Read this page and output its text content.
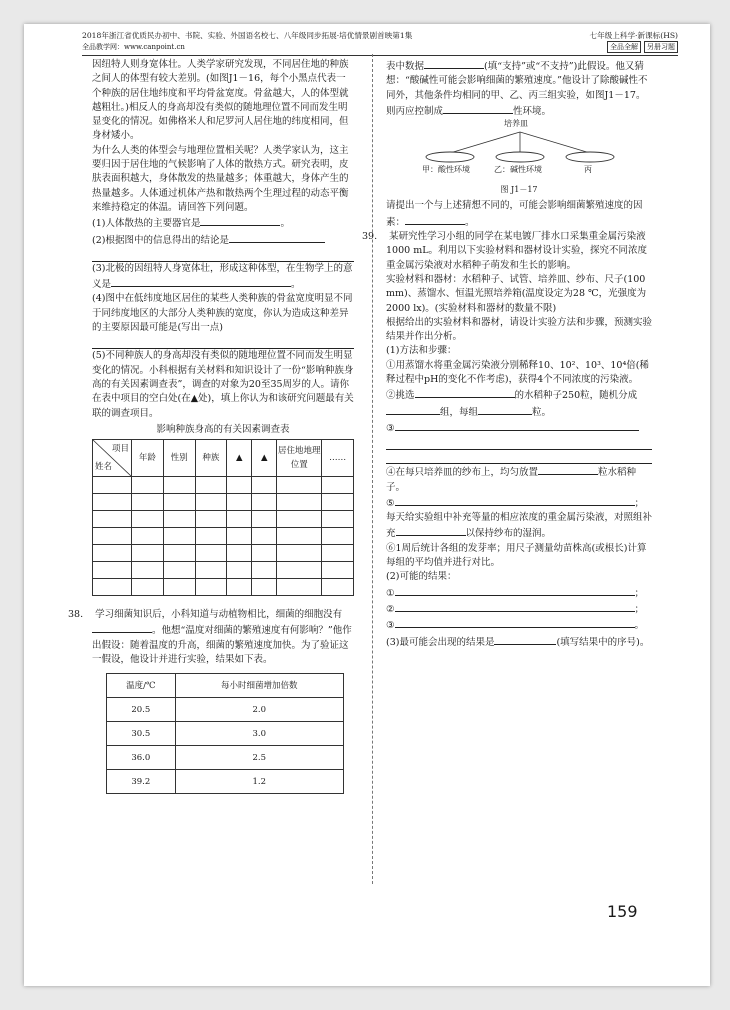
2018年浙江省优质民办初中、书院、实验、外国语名校七、八年级同步拓展·培优情景剧首映第1集	七年级上科学·新课标(HS)
全品教学网：www.canpoint.cn	全品全解	另册习题

因纽特人则身宽体壮。人类学家研究发现，不同居住地的种族之间人的体型有较大差别。(如图J1－16，每个小黑点代表一个种族的居住地纬度和平均骨盆宽度。骨盆越大，人的体型就越粗壮。)相反人的身高却没有类似的随地理位置不同而发生明显变化的情况。如佛格米人和尼罗河人居住地的纬度相同，但身材矮小。

为什么人类的体型会与地理位置相关呢？人类学家认为，这主要归因于居住地的气候影响了人体的散热方式。研究表明，皮肤表面积越大，身体散发的热量越多；体重越大，身体产生的热量越多。人体通过机体产热和散热两个生理过程的动态平衡来维持稳定的体温。请回答下列问题。

(1)人体散热的主要器官是	。

(2)根据图中的信息得出的结论是

(3)北极的因纽特人身宽体壮，形成这种体型，在生物学上的意义是	。

(4)图中在低纬度地区居住的某些人类种族的骨盆宽度明显不同于同纬度地区的大部分人类种族的宽度，你认为造成这种差异的主要原因最可能是(写出一点)

(5)不同种族人的身高却没有类似的随地理位置不同而发生明显变化的情况。小科根据有关材料和知识设计了一份“影响种族身高的有关因素调查表”，调查的对象为20至35周岁的人。请你在表中项目的空白处(在▲处)，填上你认为和该研究问题最有关联的调查项目。

影响种族身高的有关因素调查表
项目
姓名	年龄	性别	种族	▲	▲	居住地地理位置	……

38. 学习细菌知识后，小科知道与动植物相比，细菌的细胞没有。他想“温度对细菌的繁殖速度有何影响？”他作出假设：随着温度的升高，细菌的繁殖速度加快。为了验证这一假设，他设计并进行实验，结果如下表。

温度/℃	每小时细菌增加倍数
20.5	2.0
30.5	3.0
36.0	2.5
39.2	1.2

表中数据	(填“支持”或“不支持”)此假设。他又猜想：“酸碱性可能会影响细菌的繁殖速度。”他设计了除酸碱性不同外，其他条件均相同的甲、乙、丙三组实验，如图J1－17。则丙应控制成	性环境。

培养皿
甲：酸性环境	乙：碱性环境	丙
图 J1－17

请提出一个与上述猜想不同的，可能会影响细菌繁殖速度的因素：	。

39. 某研究性学习小组的同学在某电镀厂排水口采集重金属污染液1000 mL。利用以下实验材料和器材设计实验，探究不同浓度重金属污染液对水稻种子萌发和生长的影响。

实验材料和器材：水稻种子、试管、培养皿、纱布、尺子(100 mm)、蒸馏水、恒温光照培养箱(温度设定为28 ℃，光强度为2000 lx)。(实验材料和器材的数量不限)

根据给出的实验材料和器材，请设计实验方法和步骤，预测实验结果并作出分析。

(1)方法和步骤：

①用蒸馏水将重金属污染液分别稀释10、10²、10³、10⁴倍(稀释过程中pH的变化不作考虑)，获得4个不同浓度的污染液。

②挑选	的水稻种子250粒，随机分成组，每组	粒。

③

④在每只培养皿的纱布上，均匀放置	粒水稻种子。

⑤	；

每天给实验组中补充等量的相应浓度的重金属污染液，对照组补充	以保持纱布的湿润。

⑥1周后统计各组的发芽率；用尺子测量幼苗株高(或根长)计算每组的平均值并进行对比。

(2)可能的结果：

①	；

②	；

③	。

(3)最可能会出现的结果是	(填写结果中的序号)。

159
